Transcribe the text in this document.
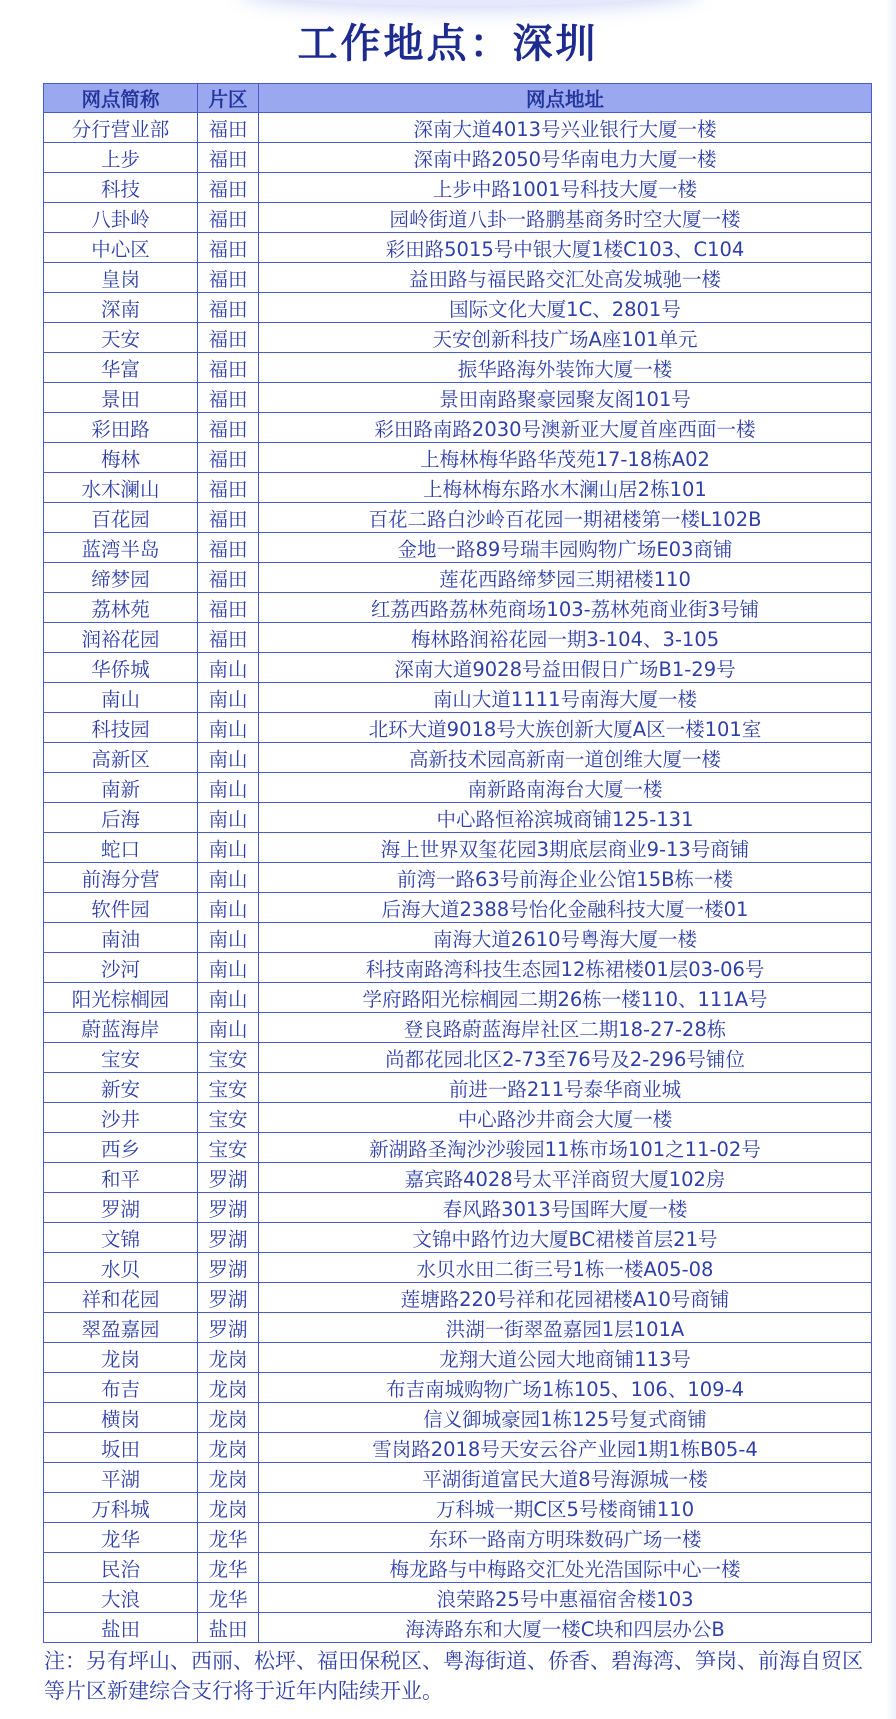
工作地点：深圳
网点简称	片区	网点地址
分行营业部	福田	深南大道4013号兴业银行大厦一楼
上步	福田	深南中路2050号华南电力大厦一楼
科技	福田	上步中路1001号科技大厦一楼
八卦岭	福田	园岭街道八卦一路鹏基商务时空大厦一楼
中心区	福田	彩田路5015号中银大厦1楼C103、C104
皇岗	福田	益田路与福民路交汇处高发城驰一楼
深南	福田	国际文化大厦1C、2801号
天安	福田	天安创新科技广场A座101单元
华富	福田	振华路海外装饰大厦一楼
景田	福田	景田南路聚豪园聚友阁101号
彩田路	福田	彩田路南路2030号澳新亚大厦首座西面一楼
梅林	福田	上梅林梅华路华茂苑17-18栋A02
水木澜山	福田	上梅林梅东路水木澜山居2栋101
百花园	福田	百花二路白沙岭百花园一期裙楼第一楼L102B
蓝湾半岛	福田	金地一路89号瑞丰园购物广场E03商铺
缔梦园	福田	莲花西路缔梦园三期裙楼110
荔林苑	福田	红荔西路荔林苑商场103-荔林苑商业街3号铺
润裕花园	福田	梅林路润裕花园一期3-104、3-105
华侨城	南山	深南大道9028号益田假日广场B1-29号
南山	南山	南山大道1111号南海大厦一楼
科技园	南山	北环大道9018号大族创新大厦A区一楼101室
高新区	南山	高新技术园高新南一道创维大厦一楼
南新	南山	南新路南海台大厦一楼
后海	南山	中心路恒裕滨城商铺125-131
蛇口	南山	海上世界双玺花园3期底层商业9-13号商铺
前海分营	南山	前湾一路63号前海企业公馆15B栋一楼
软件园	南山	后海大道2388号怡化金融科技大厦一楼01
南油	南山	南海大道2610号粤海大厦一楼
沙河	南山	科技南路湾科技生态园12栋裙楼01层03-06号
阳光棕榈园	南山	学府路阳光棕榈园二期26栋一楼110、111A号
蔚蓝海岸	南山	登良路蔚蓝海岸社区二期18-27-28栋
宝安	宝安	尚都花园北区2-73至76号及2-296号铺位
新安	宝安	前进一路211号泰华商业城
沙井	宝安	中心路沙井商会大厦一楼
西乡	宝安	新湖路圣淘沙沙骏园11栋市场101之11-02号
和平	罗湖	嘉宾路4028号太平洋商贸大厦102房
罗湖	罗湖	春风路3013号国晖大厦一楼
文锦	罗湖	文锦中路竹边大厦BC裙楼首层21号
水贝	罗湖	水贝水田二街三号1栋一楼A05-08
祥和花园	罗湖	莲塘路220号祥和花园裙楼A10号商铺
翠盈嘉园	罗湖	洪湖一街翠盈嘉园1层101A
龙岗	龙岗	龙翔大道公园大地商铺113号
布吉	龙岗	布吉南城购物广场1栋105、106、109-4
横岗	龙岗	信义御城豪园1栋125号复式商铺
坂田	龙岗	雪岗路2018号天安云谷产业园1期1栋B05-4
平湖	龙岗	平湖街道富民大道8号海源城一楼
万科城	龙岗	万科城一期C区5号楼商铺110
龙华	龙华	东环一路南方明珠数码广场一楼
民治	龙华	梅龙路与中梅路交汇处光浩国际中心一楼
大浪	龙华	浪荣路25号中惠福宿舍楼103
盐田	盐田	海涛路东和大厦一楼C块和四层办公B
注：另有坪山、西丽、松坪、福田保税区、粤海街道、侨香、碧海湾、笋岗、前海自贸区等片区新建综合支行将于近年内陆续开业。
